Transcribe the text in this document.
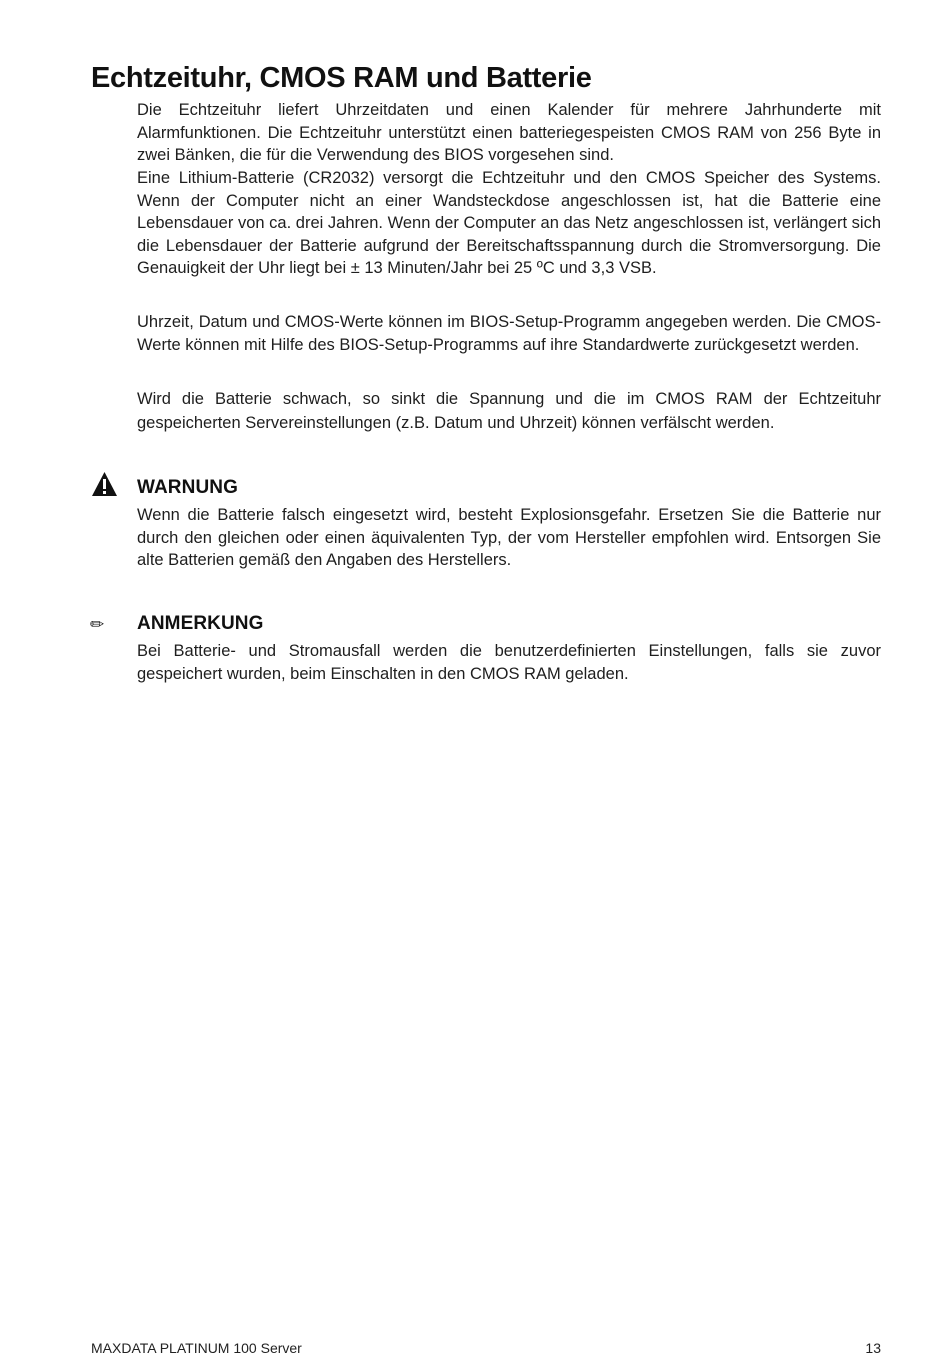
Echtzeituhr, CMOS RAM und Batterie

Die Echtzeituhr liefert Uhrzeitdaten und einen Kalender für mehrere Jahrhunderte mit Alarmfunktionen. Die Echtzeituhr unterstützt einen batteriegespeisten CMOS RAM von 256 Byte in zwei Bänken, die für die Verwendung des BIOS vorgesehen sind.

Eine Lithium-Batterie (CR2032) versorgt die Echtzeituhr und den CMOS Speicher des Systems. Wenn der Computer nicht an einer Wandsteckdose angeschlossen ist, hat die Batterie eine Lebensdauer von ca. drei Jahren. Wenn der Computer an das Netz angeschlossen ist, verlängert sich die Lebensdauer der Batterie aufgrund der Bereitschaftsspannung durch die Stromversorgung. Die Genauigkeit der Uhr liegt bei ± 13 Minuten/Jahr bei 25 ºC und 3,3 VSB.

Uhrzeit, Datum und CMOS-Werte können im BIOS-Setup-Programm angegeben werden. Die CMOS-Werte können mit Hilfe des BIOS-Setup-Programms auf ihre Standardwerte zurückgesetzt werden.

Wird die Batterie schwach, so sinkt die Spannung und die im CMOS RAM der Echtzeituhr gespeicherten Servereinstellungen (z.B. Datum und Uhrzeit) können verfälscht werden.

WARNUNG

Wenn die Batterie falsch eingesetzt wird, besteht Explosionsgefahr. Ersetzen Sie die Batterie nur durch den gleichen oder einen äquivalenten Typ, der vom Hersteller empfohlen wird. Entsorgen Sie alte Batterien gemäß den Angaben des Herstellers.

✏	ANMERKUNG

Bei Batterie- und Stromausfall werden die benutzerdefinierten Einstellungen, falls sie zuvor gespeichert wurden, beim Einschalten in den CMOS RAM geladen.

MAXDATA PLATINUM 100 Server	13
